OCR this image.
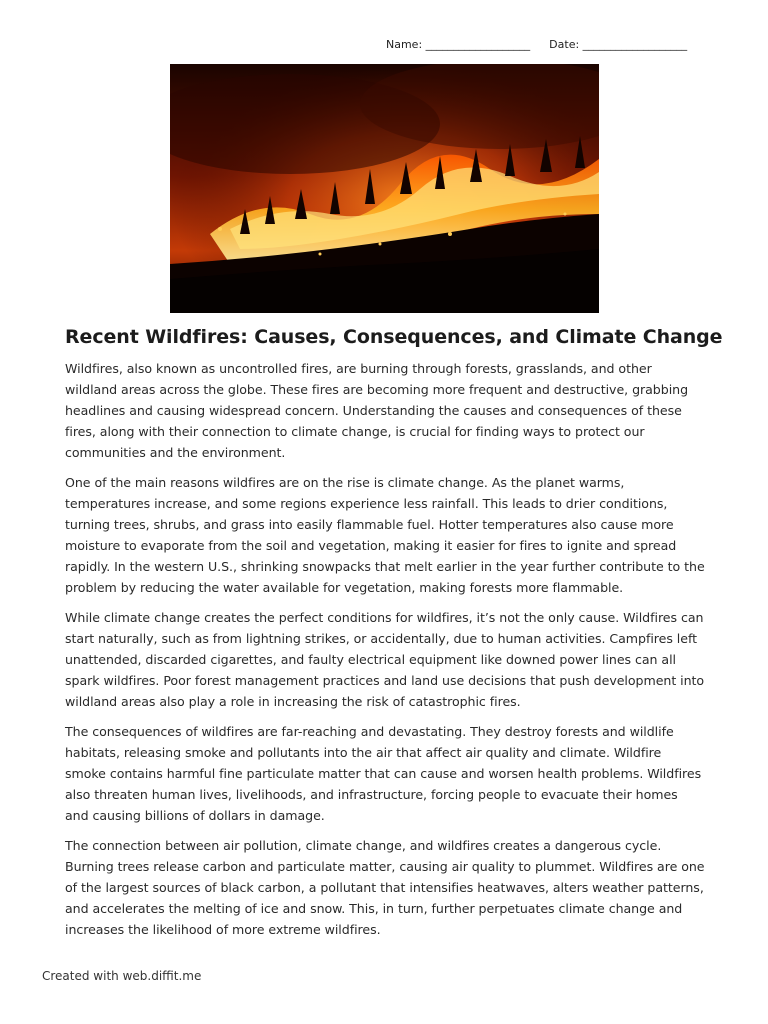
Name: ___________________ Date: ___________________
Recent Wildfires: Causes, Consequences, and Climate Change

Wildfires, also known as uncontrolled fires, are burning through forests, grasslands, and other wildland areas across the globe. These fires are becoming more frequent and destructive, grabbing headlines and causing widespread concern. Understanding the causes and consequences of these fires, along with their connection to climate change, is crucial for finding ways to protect our communities and the environment.

One of the main reasons wildfires are on the rise is climate change. As the planet warms, temperatures increase, and some regions experience less rainfall. This leads to drier conditions, turning trees, shrubs, and grass into easily flammable fuel. Hotter temperatures also cause more moisture to evaporate from the soil and vegetation, making it easier for fires to ignite and spread rapidly. In the western U.S., shrinking snowpacks that melt earlier in the year further contribute to the problem by reducing the water available for vegetation, making forests more flammable.

While climate change creates the perfect conditions for wildfires, it’s not the only cause. Wildfires can start naturally, such as from lightning strikes, or accidentally, due to human activities. Campfires left unattended, discarded cigarettes, and faulty electrical equipment like downed power lines can all spark wildfires. Poor forest management practices and land use decisions that push development into wildland areas also play a role in increasing the risk of catastrophic fires.

The consequences of wildfires are far-reaching and devastating. They destroy forests and wildlife habitats, releasing smoke and pollutants into the air that affect air quality and climate. Wildfire smoke contains harmful fine particulate matter that can cause and worsen health problems. Wildfires also threaten human lives, livelihoods, and infrastructure, forcing people to evacuate their homes and causing billions of dollars in damage.

The connection between air pollution, climate change, and wildfires creates a dangerous cycle. Burning trees release carbon and particulate matter, causing air quality to plummet. Wildfires are one of the largest sources of black carbon, a pollutant that intensifies heatwaves, alters weather patterns, and accelerates the melting of ice and snow. This, in turn, further perpetuates climate change and increases the likelihood of more extreme wildfires.

Created with web.diffit.me
